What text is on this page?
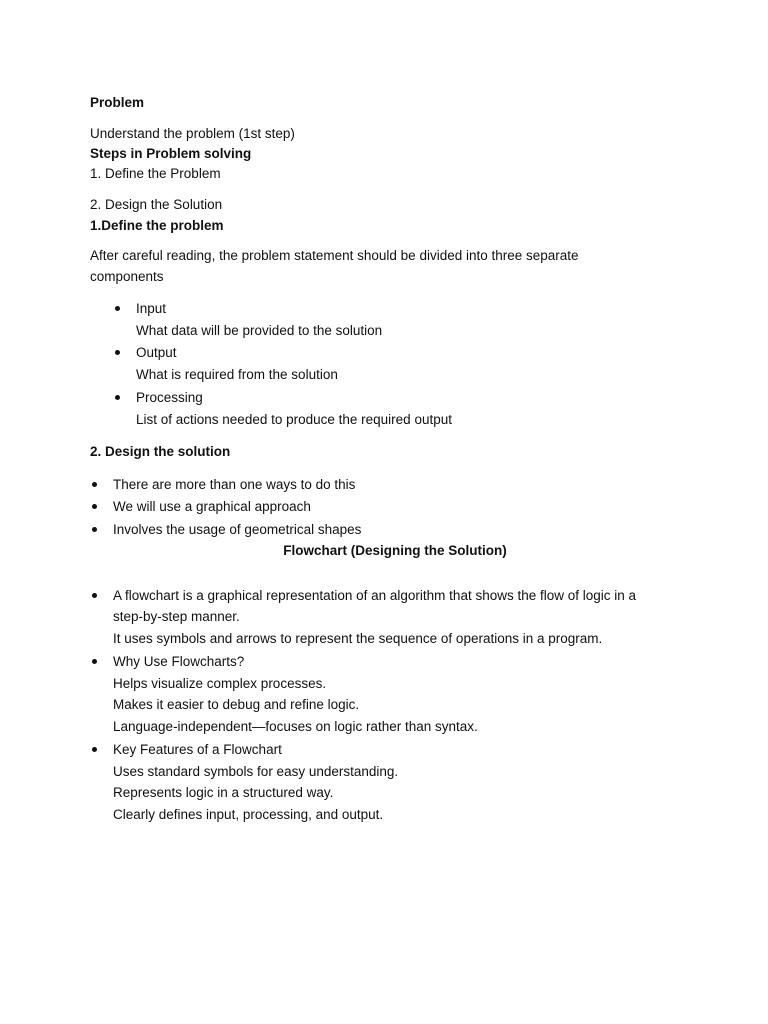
Problem
Understand the problem (1st step)
Steps in Problem solving
1. Define the Problem
2. Design the Solution
1.Define the problem
After careful reading, the problem statement should be divided into three separate
components
Input
What data will be provided to the solution
Output
What is required from the solution
Processing
List of actions needed to produce the required output
2. Design the solution
There are more than one ways to do this
We will use a graphical approach
Involves the usage of geometrical shapes
Flowchart (Designing the Solution)
A flowchart is a graphical representation of an algorithm that shows the flow of logic in a
step-by-step manner.
It uses symbols and arrows to represent the sequence of operations in a program.
Why Use Flowcharts?
Helps visualize complex processes.
Makes it easier to debug and refine logic.
Language-independent—focuses on logic rather than syntax.
Key Features of a Flowchart
Uses standard symbols for easy understanding.
Represents logic in a structured way.
Clearly defines input, processing, and output.
